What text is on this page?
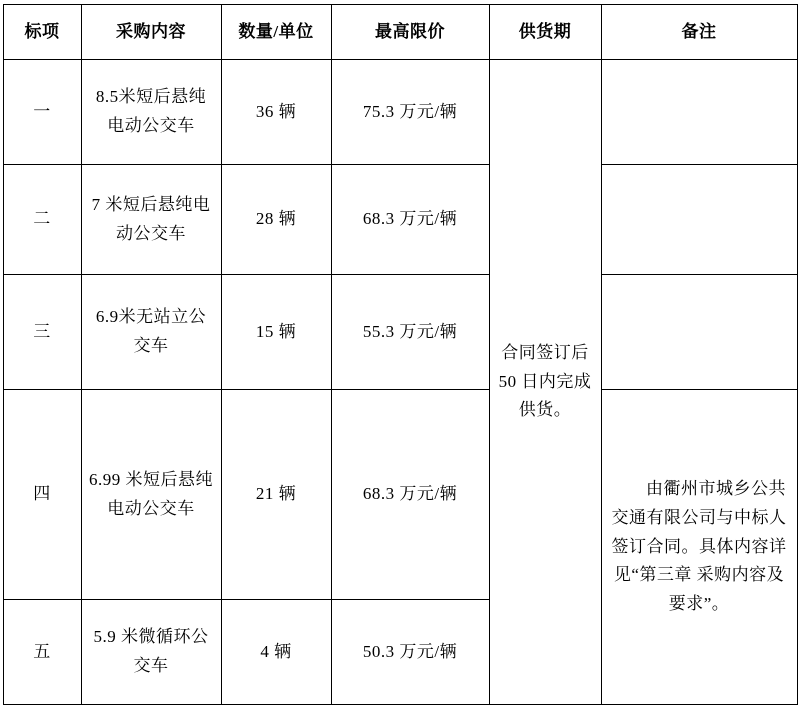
标项	采购内容	数量/单位	最高限价	供货期	备注
一	8.5米短后悬纯电动公交车	36 辆	75.3 万元/辆	合同签订后50 日内完成供货。	
二	7 米短后悬纯电动公交车	28 辆	68.3 万元/辆		
三	6.9米无站立公交车	15 辆	55.3 万元/辆		
四	6.99 米短后悬纯电动公交车	21 辆	68.3 万元/辆		由衢州市城乡公共交通有限公司与中标人签订合同。具体内容详见“第三章 采购内容及要求”。

五	5.9 米微循环公交车	4 辆	50.3 万元/辆		
